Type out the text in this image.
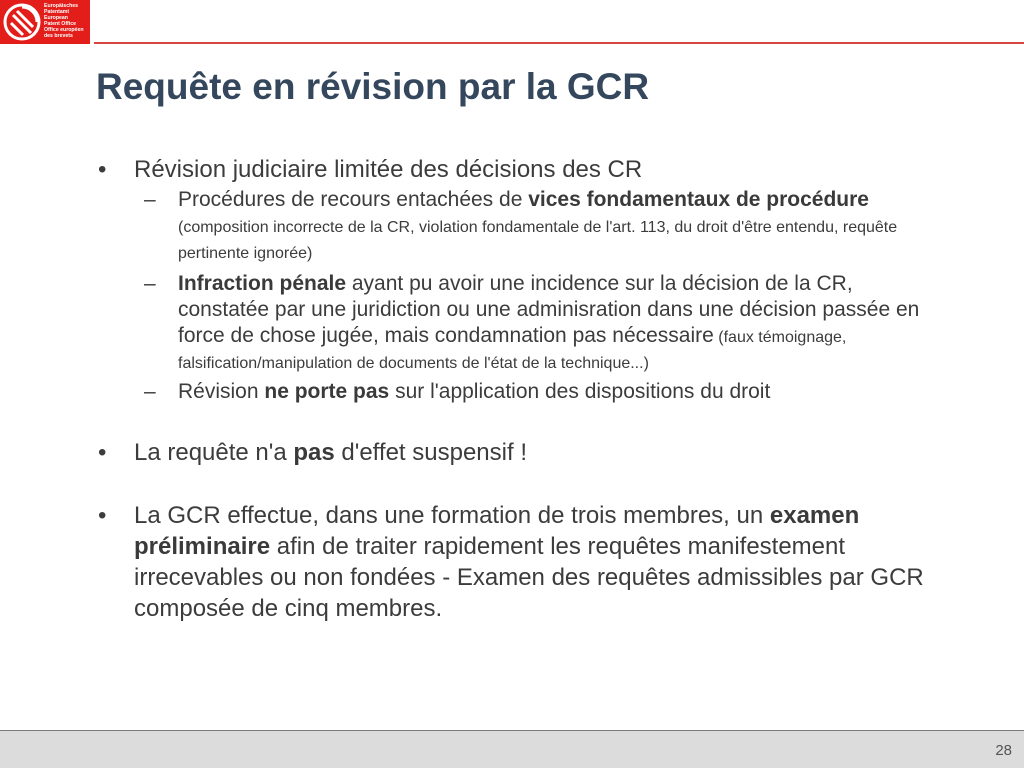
Europäisches
Patentamt
European
Patent Office
Office européen
des brevets
Requête en révision par la GCR
• Révision judiciaire limitée des décisions des CR
– Procédures de recours entachées de vices fondamentaux de procédure (composition incorrecte de la CR, violation fondamentale de l'art. 113, du droit d'être entendu, requête pertinente ignorée)
– Infraction pénale ayant pu avoir une incidence sur la décision de la CR, constatée par une juridiction ou une adminisration dans une décision passée en force de chose jugée, mais condamnation pas nécessaire (faux témoignage, falsification/manipulation de documents de l'état de la technique...)
– Révision ne porte pas sur l'application des dispositions du droit
• La requête n'a pas d'effet suspensif !
• La GCR effectue, dans une formation de trois membres, un examen préliminaire afin de traiter rapidement les requêtes manifestement irrecevables ou non fondées - Examen des requêtes admissibles par GCR composée de cinq membres.
28
